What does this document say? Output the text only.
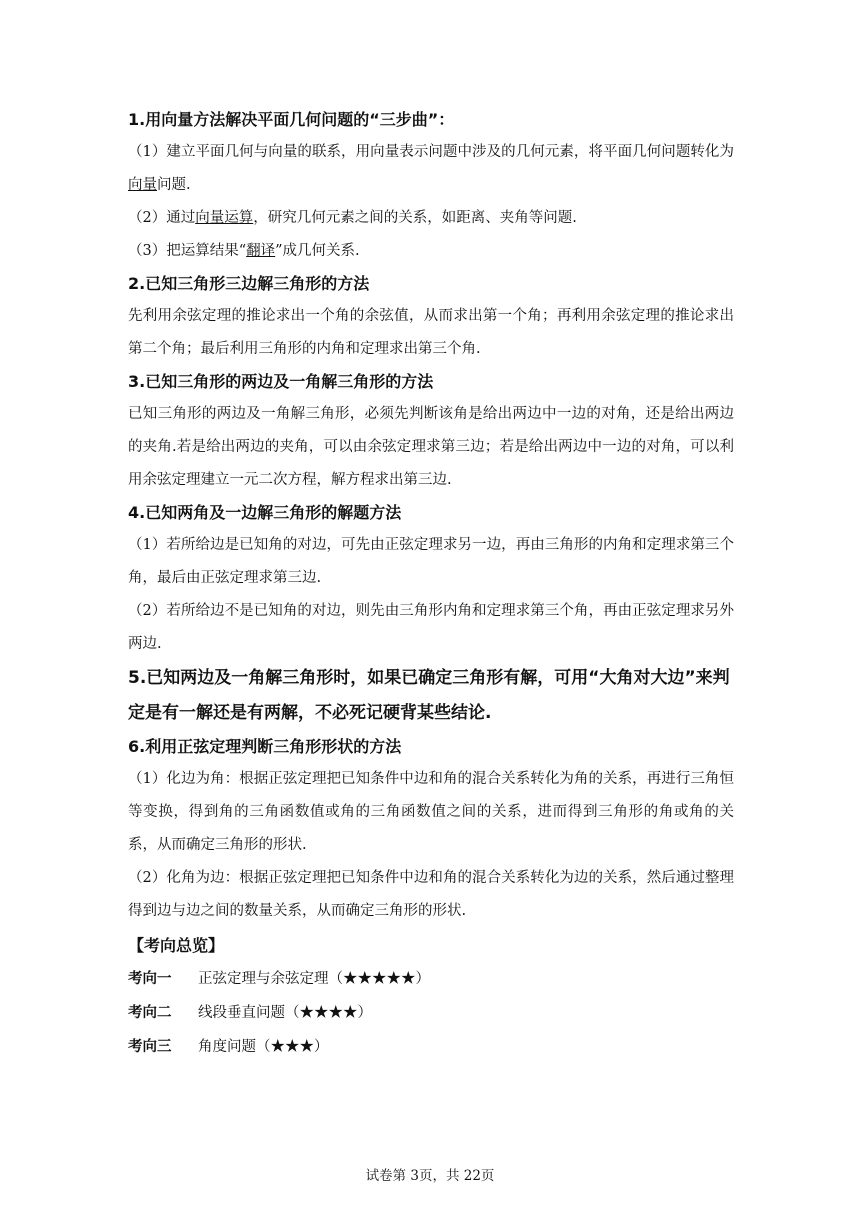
1.用向量方法解决平面几何问题的“三步曲”：

（1）建立平面几何与向量的联系，用向量表示问题中涉及的几何元素，将平面几何问题转化为向量问题.

（2）通过向量运算，研究几何元素之间的关系，如距离、夹角等问题.

（3）把运算结果“翻译”成几何关系.

2.已知三角形三边解三角形的方法

先利用余弦定理的推论求出一个角的余弦值，从而求出第一个角；再利用余弦定理的推论求出第二个角；最后利用三角形的内角和定理求出第三个角.

3.已知三角形的两边及一角解三角形的方法

已知三角形的两边及一角解三角形，必须先判断该角是给出两边中一边的对角，还是给出两边的夹角.若是给出两边的夹角，可以由余弦定理求第三边；若是给出两边中一边的对角，可以利用余弦定理建立一元二次方程，解方程求出第三边.

4.已知两角及一边解三角形的解题方法

（1）若所给边是已知角的对边，可先由正弦定理求另一边，再由三角形的内角和定理求第三个角，最后由正弦定理求第三边.

（2）若所给边不是已知角的对边，则先由三角形内角和定理求第三个角，再由正弦定理求另外两边.

5.已知两边及一角解三角形时，如果已确定三角形有解，可用“大角对大边”来判定是有一解还是有两解，不必死记硬背某些结论.

6.利用正弦定理判断三角形形状的方法

（1）化边为角：根据正弦定理把已知条件中边和角的混合关系转化为角的关系，再进行三角恒等变换，得到角的三角函数值或角的三角函数值之间的关系，进而得到三角形的角或角的关系，从而确定三角形的形状.

（2）化角为边：根据正弦定理把已知条件中边和角的混合关系转化为边的关系，然后通过整理得到边与边之间的数量关系，从而确定三角形的形状.

【考向总览】

考向一	正弦定理与余弦定理（★★★★★）
考向二	线段垂直问题（★★★★）
考向三	角度问题（★★★）
试卷第 3页，共 22页
